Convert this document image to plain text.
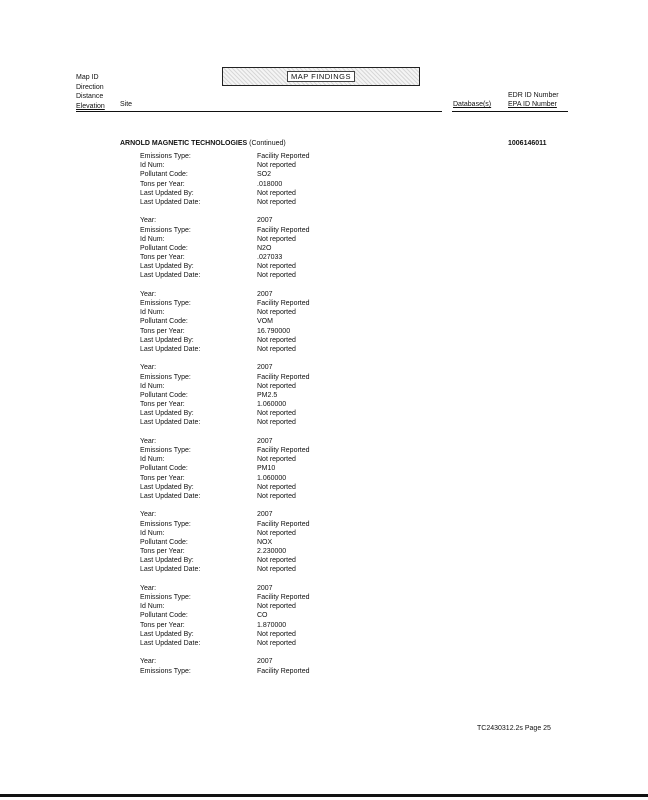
Map ID
Direction
Distance
Elevation Site
MAP FINDINGS
Database(s)
EDR ID Number
EPA ID Number
ARNOLD MAGNETIC TECHNOLOGIES (Continued)	1006146011
Emissions Type:	Facility Reported
Id Num:	Not reported
Pollutant Code:	SO2
Tons per Year:	.018000
Last Updated By:	Not reported
Last Updated Date:	Not reported
Year:	2007
Emissions Type:	Facility Reported
Id Num:	Not reported
Pollutant Code:	N2O
Tons per Year:	.027033
Last Updated By:	Not reported
Last Updated Date:	Not reported
Year:	2007
Emissions Type:	Facility Reported
Id Num:	Not reported
Pollutant Code:	VOM
Tons per Year:	16.790000
Last Updated By:	Not reported
Last Updated Date:	Not reported
Year:	2007
Emissions Type:	Facility Reported
Id Num:	Not reported
Pollutant Code:	PM2.5
Tons per Year:	1.060000
Last Updated By:	Not reported
Last Updated Date:	Not reported
Year:	2007
Emissions Type:	Facility Reported
Id Num:	Not reported
Pollutant Code:	PM10
Tons per Year:	1.060000
Last Updated By:	Not reported
Last Updated Date:	Not reported
Year:	2007
Emissions Type:	Facility Reported
Id Num:	Not reported
Pollutant Code:	NOX
Tons per Year:	2.230000
Last Updated By:	Not reported
Last Updated Date:	Not reported
Year:	2007
Emissions Type:	Facility Reported
Id Num:	Not reported
Pollutant Code:	CO
Tons per Year:	1.870000
Last Updated By:	Not reported
Last Updated Date:	Not reported
Year:	2007
Emissions Type:	Facility Reported
TC2430312.2s Page 25
